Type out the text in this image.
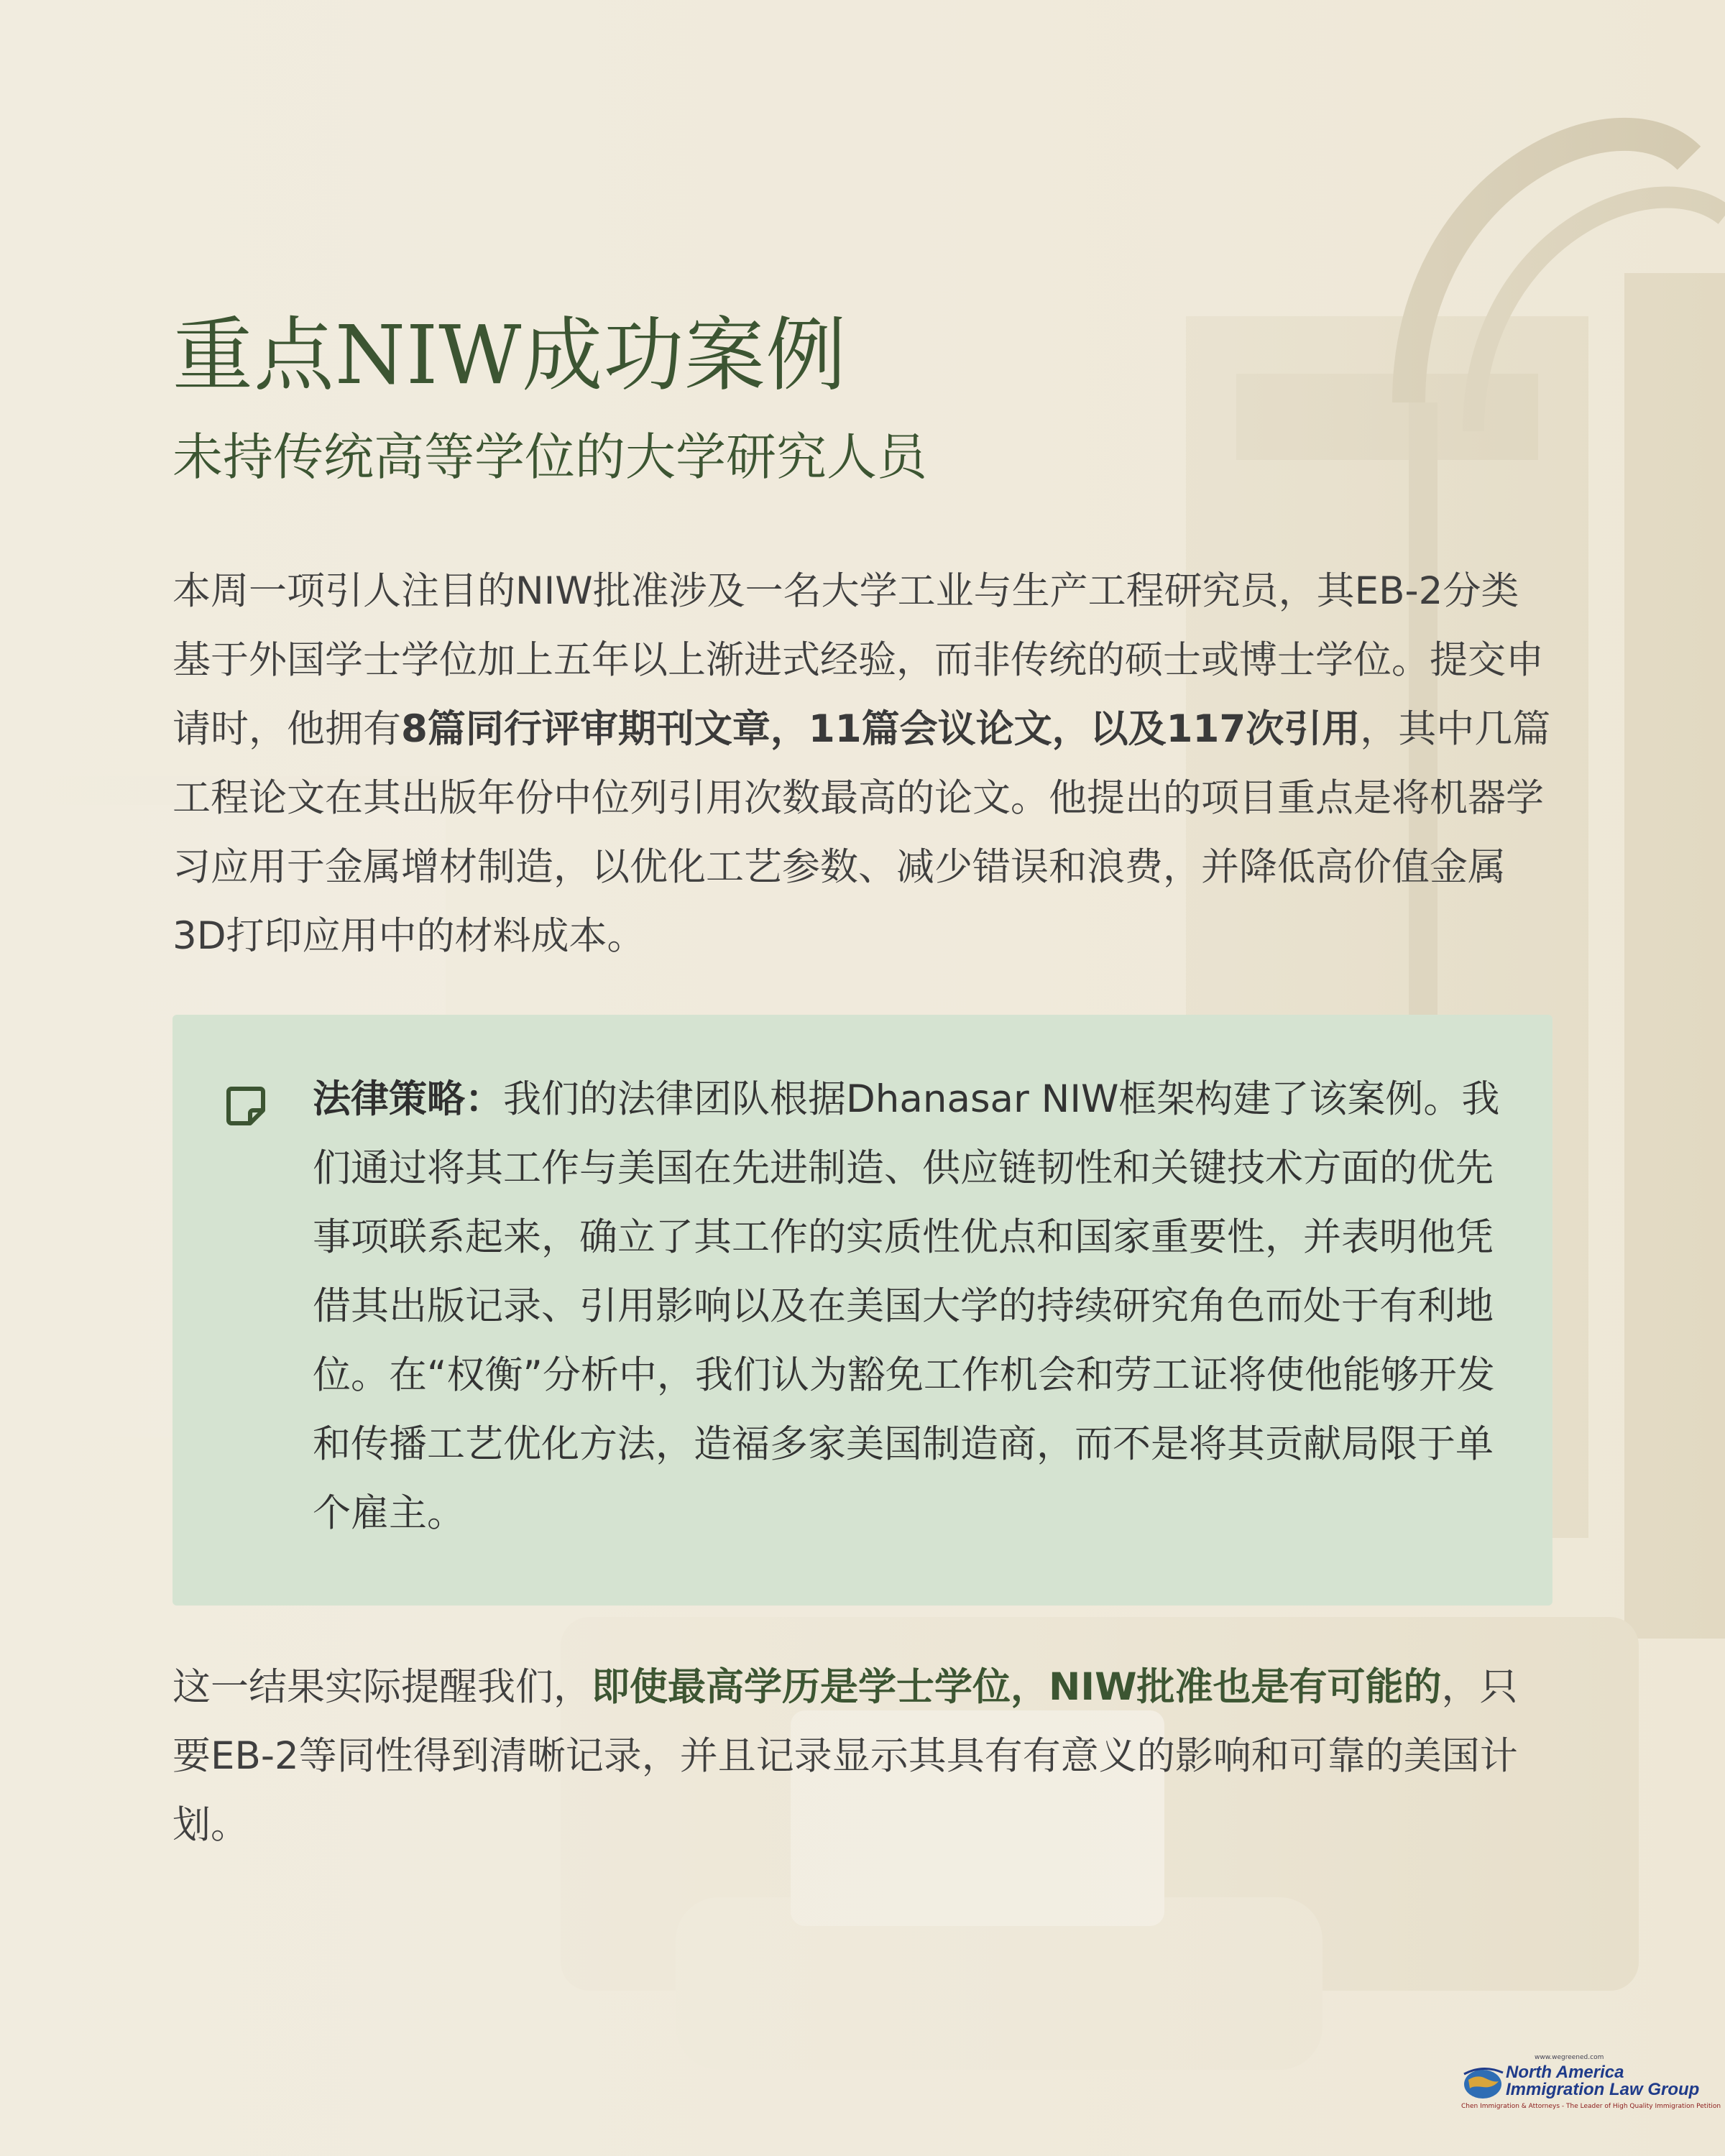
重点NIW成功案例
未持传统高等学位的大学研究人员

本周一项引人注目的NIW批准涉及一名大学工业与生产工程研究员，其EB-2分类基于外国学士学位加上五年以上渐进式经验，而非传统的硕士或博士学位。提交申请时，他拥有8篇同行评审期刊文章，11篇会议论文，以及117次引用，其中几篇工程论文在其出版年份中位列引用次数最高的论文。他提出的项目重点是将机器学习应用于金属增材制造，以优化工艺参数、减少错误和浪费，并降低高价值金属3D打印应用中的材料成本。

法律策略：我们的法律团队根据Dhanasar NIW框架构建了该案例。我们通过将其工作与美国在先进制造、供应链韧性和关键技术方面的优先事项联系起来，确立了其工作的实质性优点和国家重要性，并表明他凭借其出版记录、引用影响以及在美国大学的持续研究角色而处于有利地位。在“权衡”分析中，我们认为豁免工作机会和劳工证将使他能够开发和传播工艺优化方法，造福多家美国制造商，而不是将其贡献局限于单个雇主。

这一结果实际提醒我们，即使最高学历是学士学位，NIW批准也是有可能的，只要EB-2等同性得到清晰记录，并且记录显示其具有有意义的影响和可靠的美国计划。

www.wegreened.com
North America
Immigration Law Group
Chen Immigration & Attorneys - The Leader of High Quality Immigration Petition
